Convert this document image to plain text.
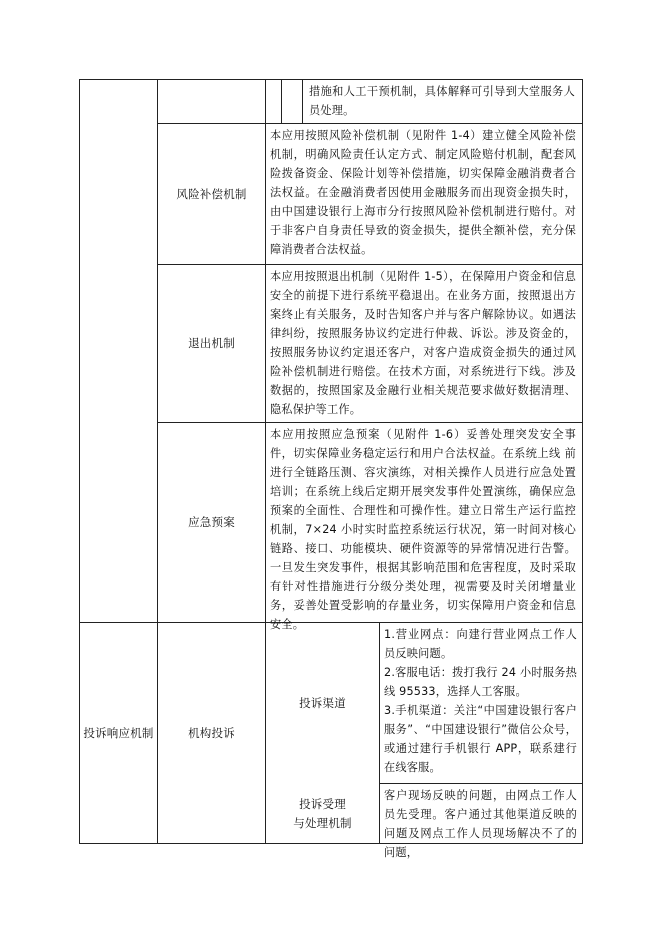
措施和人工干预机制，具体解释可引导到大堂服务人员处理。
风险补偿机制
本应用按照风险补偿机制（见附件 1-4）建立健全风险补偿机制，明确风险责任认定方式、制定风险赔付机制，配套风险拨备资金、保险计划等补偿措施，切实保障金融消费者合法权益。在金融消费者因使用金融服务而出现资金损失时，由中国建设银行上海市分行按照风险补偿机制进行赔付。对于非客户自身责任导致的资金损失，提供全额补偿，充分保障消费者合法权益。
退出机制
本应用按照退出机制（见附件 1-5），在保障用户资金和信息安全的前提下进行系统平稳退出。在业务方面，按照退出方案终止有关服务，及时告知客户并与客户解除协议。如遇法律纠纷，按照服务协议约定进行仲裁、诉讼。涉及资金的，按照服务协议约定退还客户，对客户造成资金损失的通过风险补偿机制进行赔偿。在技术方面，对系统进行下线。涉及数据的，按照国家及金融行业相关规范要求做好数据清理、隐私保护等工作。
应急预案
本应用按照应急预案（见附件 1-6）妥善处理突发安全事件，切实保障业务稳定运行和用户合法权益。在系统上线 前进行全链路压测、容灾演练，对相关操作人员进行应急处置培训；在系统上线后定期开展突发事件处置演练，确保应急预案的全面性、合理性和可操作性。建立日常生产运行监控机制，7×24 小时实时监控系统运行状况，第一时间对核心链路、接口、功能模块、硬件资源等的异常情况进行告警。一旦发生突发事件，根据其影响范围和危害程度，及时采取有针对性措施进行分级分类处理，视需要及时关闭增量业务，妥善处置受影响的存量业务，切实保障用户资金和信息安全。
投诉响应机制	机构投诉
投诉渠道

1.营业网点：向建行营业网点工作人员反映问题。

2.客服电话：拨打我行 24 小时服务热线 95533，选择人工客服。

3.手机渠道：关注“中国建设银行客户服务”、“中国建设银行”微信公众号，或通过建行手机银行 APP，联系建行在线客服。

投诉受理
与处理机制
客户现场反映的问题，由网点工作人员先受理。客户通过其他渠道反映的问题及网点工作人员现场解决不了的问题，
